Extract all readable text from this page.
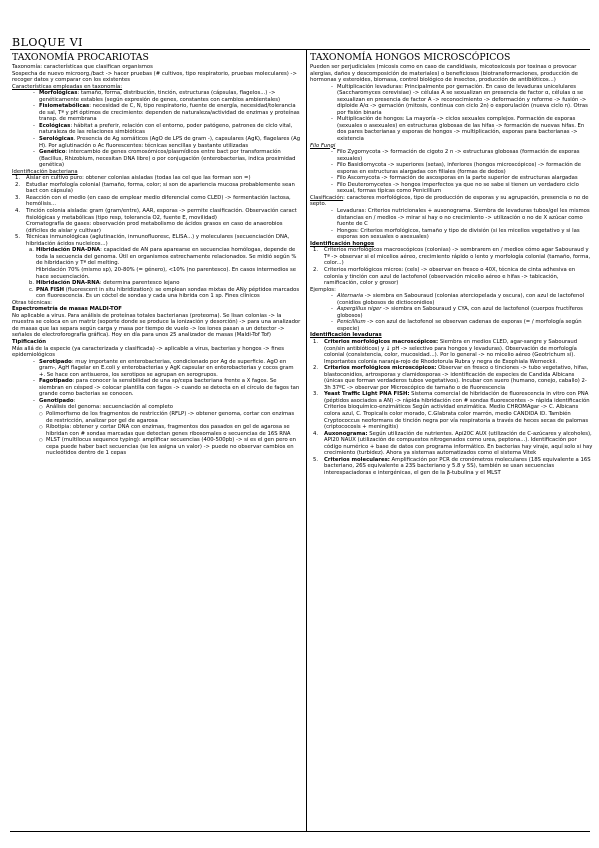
BLOQUE VI
TAXONOMÍA PROCARIOTAS

Taxonomía: características que clasifican organismos

Sospecha de nuevo microorg./bact -> hacer pruebas (# cultivos, tipo respiratorio, pruebas moleculares) -> recoger datos y comparar con los existentes

Características empleadas en taxonomía:

- Morfológicas: tamaño, forma, distribución, tinción, estructuras (cápsulas, flagelos...) -> genéticamente estables (según expresión de genes, constantes con cambios ambientales)
- Fisiometabólicas: necesidad de C, N, tipo respiratorio, fuente de energía, necesidad/tolerancia de sal, Tª y pH óptimos de crecimiento: dependen de naturaleza/actividad de enzimas y proteínas transp. de membrana
- Ecológicas: hábitat a preferir, relación con el entorno, poder patógeno, patrones de ciclo vital, naturaleza de las relaciones simbióticas
- Serológicas. Presencia de Ag somáticos (AgO de LPS de gram -), capsulares (AgK), flagelares (Ag H). Por aglutinación o Ac fluorescentes: técnicas sencillas y bastante utilizadas
- Genético: intercambio de genes cromosómicos/plasmídicos entre bact por transformación (Bacillus, Rhizobium, necesitan DNA libre) o por conjugación (enterobacterias, indica proximidad genética)

Identificación bacteriana

1. Aislar en cultivo puro: obtener colonias aisladas (todas las cel que las forman son =)
2. Estudiar morfología colonial (tamaño, forma, color; si son de apariencia mucosa probablemente sean bact con cápsula)
3. Reacción con el medio (en caso de emplear medio diferencial como CLED) -> fermentación lactosa, hemólisis...
4. Tinción colonia aislada: gram (gram/entre), AAR, esporas -> permite clasificación. Observación caract fisiológicas y metabólicas (tipo resp, tolerancia O2, fuente E, movilidad)
Cromatografía de gases: observación prod metabolismo de ácidos grasos en caso de anaerobios (difíciles de aislar y cultivar)
5. Técnicas inmunológicas (aglutinación, inmunofluoresc, ELISA...) y moleculares (secuenciación DNA, hibridación ácidos nucleicos...)
a. Hibridación DNA-DNA: capacidad de AN para aparearse en secuencias homólogas, depende de toda la secuencia del genoma. Útil en organismos estrechamente relacionados. Se midió según % de hibridación y Tª del melting.
Hibridación 70% (mismo sp), 20-80% (= género), <10% (no parentesco). En casos intermedios se hace secuenciación.
b. Hibridación DNA-RNA: determina parentesco lejano
c. PNA FISH (fluorescent in situ hibridization): se emplean sondas mixtas de ANy péptidos marcados con fluorescencia. Es un cóctel de sondas y cada una hibrida con 1 sp. Fines clínicos

Otras técnicas:

Espectrometría de masas MALDI-TOF

No aplicable a virus. Para análisis de proteínas totales bacterianas (proteoma). Se lisan colonias -> la muestra se coloca en un matriz (soporte donde se produce la ionización y desorción) -> para una analizador de masas que las separa según carga y masa por tiempo de vuelo -> los iones pasan a un detector -> señales de electroforografía gráfica). Hoy en día para unos 25 analizador de masas (Maldi-Tof Tof)

Tipificación

Más allá de la especie (ya caracterizada y clasificada) -> aplicable a virus, bacterias y hongos -> fines epidemiológicos

- Serotipado: muy importante en enterobacterias, condicionado por Ag de superficie. AgO en gram-, AgH flagelar en E.coli y enterobacterias y AgK capsular en enterobacterias y cocos gram +. Se hace con antisueros, los serotipos se agrupan en serogrupos.
- Fagotipado: para conocer la sensibilidad de una sp/cepa bacteriana frente a X fagos. Se siembran en césped -> colocar plantilla con fagos -> cuando se detecta en el círculo de fagos tan grande como bacterias se conocen.
- Genotipado:
○ Análisis del genoma: secuenciación al completo
○ Polimorfismo de los fragmentos de restricción (RFLP) -> obtener genoma, cortar con enzimas de restricción, analizar por gel de agarosa
○ Ribotipia: obtener y cortar DNA con enzimas, fragmentos dos pasados en gel de agarosa se hibridan con # sondas marcadas que detectan genes ribosomales o secuencias de 16S RNA
○ MLST (multilocus sequence typing): amplificar secuencias (400-500pb) -> si es el gen pero en cepa puede haber bact secuencias (se les asigna un valor) -> puede no observar cambios en nucleótidos dentro de 1 cepas
TAXONOMÍA HONGOS MICROSCÓPICOS

Pueden ser perjudiciales (micosis como en caso de candidiasis, micotoxicosis por toxinas o provocar alergias, daños y descomposición de materiales) o beneficiosos (biotransformaciones, producción de hormonas y esteroides, biomasa, control biológico de insectos, producción de antibióticos...)

- Multiplicación levaduras: Principalmente por gemación. En caso de levaduras unicelulares (Saccharomyces cerevisiae) -> células A se sexualizan en presencia de factor α, células α se sexualizan en presencia de factor A -> reconocimiento -> deformación y reforme -> fusión -> diploide A/α -> gemación (mitosis, continua con ciclo 2n) o esporulación (nueva ciclo n). Otras por fisión binaria
- Multiplicación de hongos: La mayoría -> ciclos sexuales complejos. Formación de esporas (sexuales o asexuales) en estructuras globosas de las hifas -> formación de nuevas hifas. En dos pares bacterianas y esporas de hongos -> multiplicación, esporas para bacterianas -> existencia

Filo Fungi

- Filo Zygomycota -> formación de cigoto 2 n -> estructuras globosas (formación de esporas sexuales)
- Filo Basidiomycota -> superiores (setas), inferiores (hongos microscópicos) -> formación de esporas en estructuras alargadas con filiales (formas de dedos)
- Filo Ascomycota -> formación de ascosporas en la parte superior de estructuras alargadas
- Filo Deuteromycetes -> hongos imperfectos ya que no se sabe si tienen un verdadero ciclo sexual, formas típicas como Penicillium

Clasificación: caracteres morfológicos, tipo de producción de esporas y su agrupación, presencia o no de septo.

- Levaduras: Criterios nutricionales + auxonograma. Siembra de levaduras tubos/gel les mismos distancias en / medios -> mirar si hay o no crecimiento -> utilización o no de X azúcar como fuente de C
- Hongos: Criterios morfológicos, tamaño y tipo de división (si les micelios vegetativo y si las esporas son sexuales o asexuales)

Identificación hongos

1. Criterios morfológicos macroscópicos (colonias) -> sembrarem en / medios cómo agar Sabouraud y Tª -> observar si el micelios aéreo, crecimiento rápido o lento y morfología colonial (tamaño, forma, color...)
2. Criterios morfológicos micros: (cels) -> observar en fresco o 40X, técnica de cinta adhesiva en colonia y tinción con azul de lactofenol (observación micelio aéreo e hifas -> tabicación, ramificación, color y grosor)

Ejemplos:

- Alternaria -> siembra en Sabouraud (colonias aterciopelada y oscura), con azul de lactofenol (conidios globosos de dictioconidios)
- Aspergillus niger -> siembra en Sabouraud y CYA, con azul de lactofenol (cuerpos fructíferos globosos)
- Penicillium -> con azul de lactofenol se observan cadenas de esporas (= / morfología según especie)

Identificación levaduras

1. Criterios morfológicos macroscópicos: Siembra en medios CLED, agar-sangre y Sabouraud (con/sin antibióticos) y ↓ pH -> selectivo para hongos y levaduras). Observación de morfología colonial (consistencia, color, mucosidad...). Por lo general -> no micelio aéreo (Geotrichum sí). Importantes colonia naranja-rojo de Rhodotorula Rubra y negra de Exophiala Werneckii.
2. Criterios morfológicos microscópicos: Observar en fresco o tinciones -> tubo vegetativo, hifas, blastoconidios, artrosporas y clamidosporas -> identificación de especies de Candida Albicans (únicas que forman verdaderos tubos vegetativos). Incubar con suero (humano, conejo, caballo) 2-3h 37ºC -> observar por Microscópico de tamaño o de fluorescencia
3. Yeast Traffic Light PNA FISH: Sistema comercial de hibridación de fluorescencia in vitro con PNA (péptidos asociados a AN) -> rápida hibridación con # sondas fluorescentes -> rápida identificación Criterios bioquímico-enzimáticos Según actividad enzimática. Medio CHROMAgar -> C. Albicans colora azul, C. Tropicalis color morado, C.Glabrata color marrón, medio CANDIDA ID. También Cryptococcus neoformans de tinción negra por vía respiratoria a través de heces secas de palomas (criptococosis + meningitis)
4. Auxonograma: Según utilización de nutrientes. Api20C AUX (utilización de C-azúcares y alcoholes), API20 NAUX (utilización de compuestos nitrogenados como urea, peptona...). Identificación por código numérico + base de datos con programa informático. En bacterias hay viraje, aquí solo si hay crecimiento (turbidez). Ahora ya sistemas automatizados como el sistema Vitek
5. Criterios moleculares: Amplificación por PCR de cronómetros moleculares (18S equivalente a 16S bacteriano, 26S equivalente a 23S bacteriano y 5.8 y 5S), también se usan secuencias interespaciadoras e intergénicas, el gen de la β-tubulina y el MLST
